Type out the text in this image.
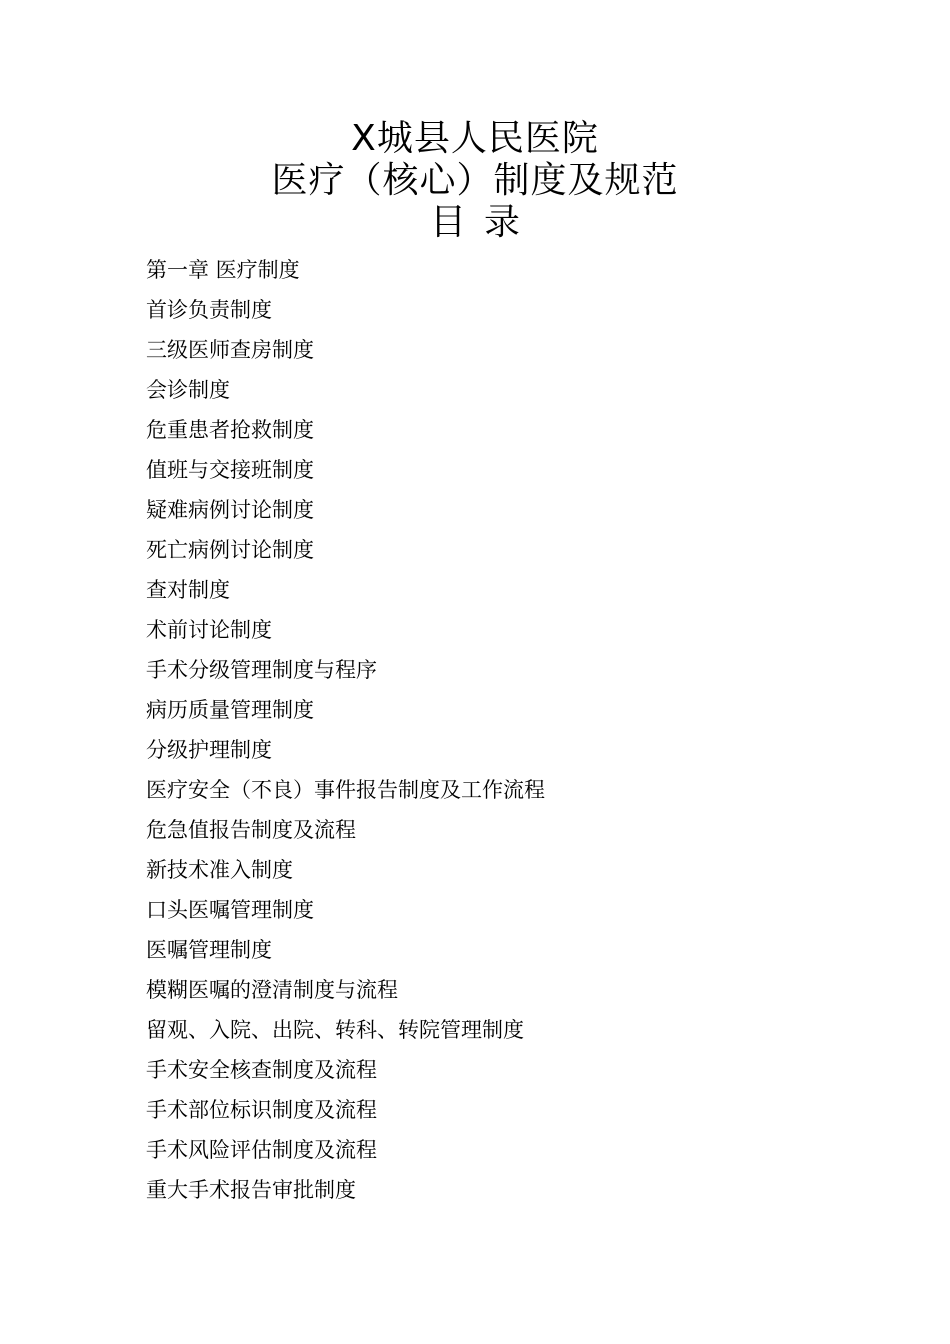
X城县人民医院
医疗（核心）制度及规范
目录
第一章 医疗制度
首诊负责制度
三级医师查房制度
会诊制度
危重患者抢救制度
值班与交接班制度
疑难病例讨论制度
死亡病例讨论制度
查对制度
术前讨论制度
手术分级管理制度与程序
病历质量管理制度
分级护理制度
医疗安全（不良）事件报告制度及工作流程
危急值报告制度及流程
新技术准入制度
口头医嘱管理制度
医嘱管理制度
模糊医嘱的澄清制度与流程
留观、入院、出院、转科、转院管理制度
手术安全核查制度及流程
手术部位标识制度及流程
手术风险评估制度及流程
重大手术报告审批制度
